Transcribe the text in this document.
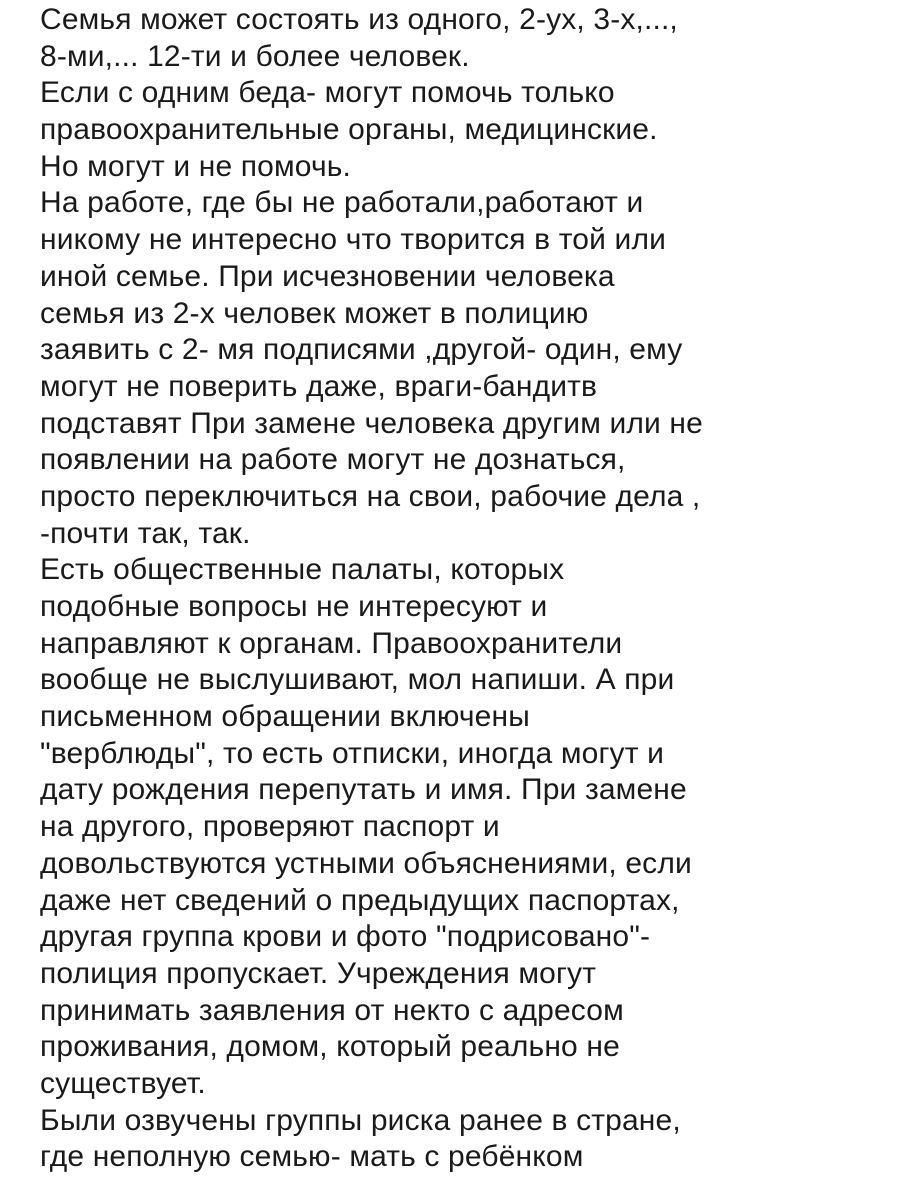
Семья может состоять из одного, 2-ух, 3-х,...,
8-ми,... 12-ти и более человек.
Если с одним беда- могут помочь только
правоохранительные органы, медицинские.
Но могут и не помочь.
На работе, где бы не работали,работают и
никому не интересно что творится в той или
иной семье. При исчезновении человека
семья из 2-х человек может в полицию
заявить с 2- мя подписями ,другой- один, ему
могут не поверить даже, враги-бандитв
подставят При замене человека другим или не
появлении на работе могут не дознаться,
просто переключиться на свои, рабочие дела ,
-почти так, так.
Есть общественные палаты, которых
подобные вопросы не интересуют и
направляют к органам. Правоохранители
вообще не выслушивают, мол напиши. А при
письменном обращении включены
"верблюды", то есть отписки, иногда могут и
дату рождения перепутать и имя. При замене
на другого, проверяют паспорт и
довольствуются устными объяснениями, если
даже нет сведений о предыдущих паспортах,
другая группа крови и фото "подрисовано"-
полиция пропускает. Учреждения могут
принимать заявления от некто с адресом
проживания, домом, который реально не
существует.
Были озвучены группы риска ранее в стране,
где неполную семью- мать с ребёнком
